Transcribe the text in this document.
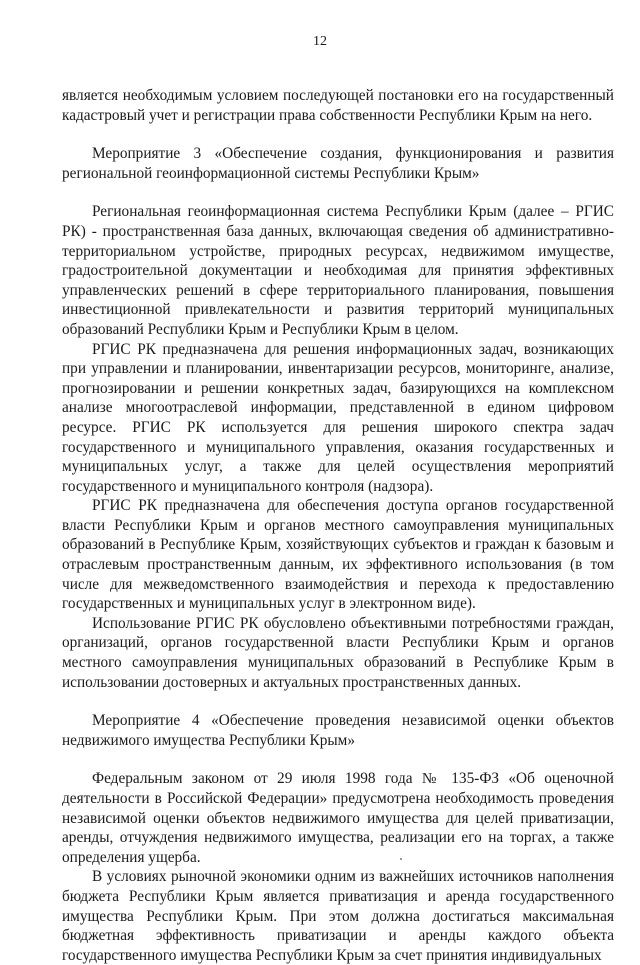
12

является необходимым условием последующей постановки его на государственный кадастровый учет и регистрации права собственности Республики Крым на него.

Мероприятие 3 «Обеспечение создания, функционирования и развития региональной геоинформационной системы Республики Крым»

Региональная геоинформационная система Республики Крым (далее – РГИС РК) - пространственная база данных, включающая сведения об административно-территориальном устройстве, природных ресурсах, недвижимом имуществе, градостроительной документации и необходимая для принятия эффективных управленческих решений в сфере территориального планирования, повышения инвестиционной привлекательности и развития территорий муниципальных образований Республики Крым и Республики Крым в целом.

РГИС РК предназначена для решения информационных задач, возникающих при управлении и планировании, инвентаризации ресурсов, мониторинге, анализе, прогнозировании и решении конкретных задач, базирующихся на комплексном анализе многоотраслевой информации, представленной в едином цифровом ресурсе. РГИС РК используется для решения широкого спектра задач государственного и муниципального управления, оказания государственных и муниципальных услуг, а также для целей осуществления мероприятий государственного и муниципального контроля (надзора).

РГИС РК предназначена для обеспечения доступа органов государственной власти Республики Крым и органов местного самоуправления муниципальных образований в Республике Крым, хозяйствующих субъектов и граждан к базовым и отраслевым пространственным данным, их эффективного использования (в том числе для межведомственного взаимодействия и перехода к предоставлению государственных и муниципальных услуг в электронном виде).

Использование РГИС РК обусловлено объективными потребностями граждан, организаций, органов государственной власти Республики Крым и органов местного самоуправления муниципальных образований в Республике Крым в использовании достоверных и актуальных пространственных данных.

Мероприятие 4 «Обеспечение проведения независимой оценки объектов недвижимого имущества Республики Крым»

Федеральным законом от 29 июля 1998 года № 135-ФЗ «Об оценочной деятельности в Российской Федерации» предусмотрена необходимость проведения независимой оценки объектов недвижимого имущества для целей приватизации, аренды, отчуждения недвижимого имущества, реализации его на торгах, а также определения ущерба.

В условиях рыночной экономики одним из важнейших источников наполнения бюджета Республики Крым является приватизация и аренда государственного имущества Республики Крым. При этом должна достигаться максимальная бюджетная эффективность приватизации и аренды каждого объекта государственного имущества Республики Крым за счет принятия индивидуальных
